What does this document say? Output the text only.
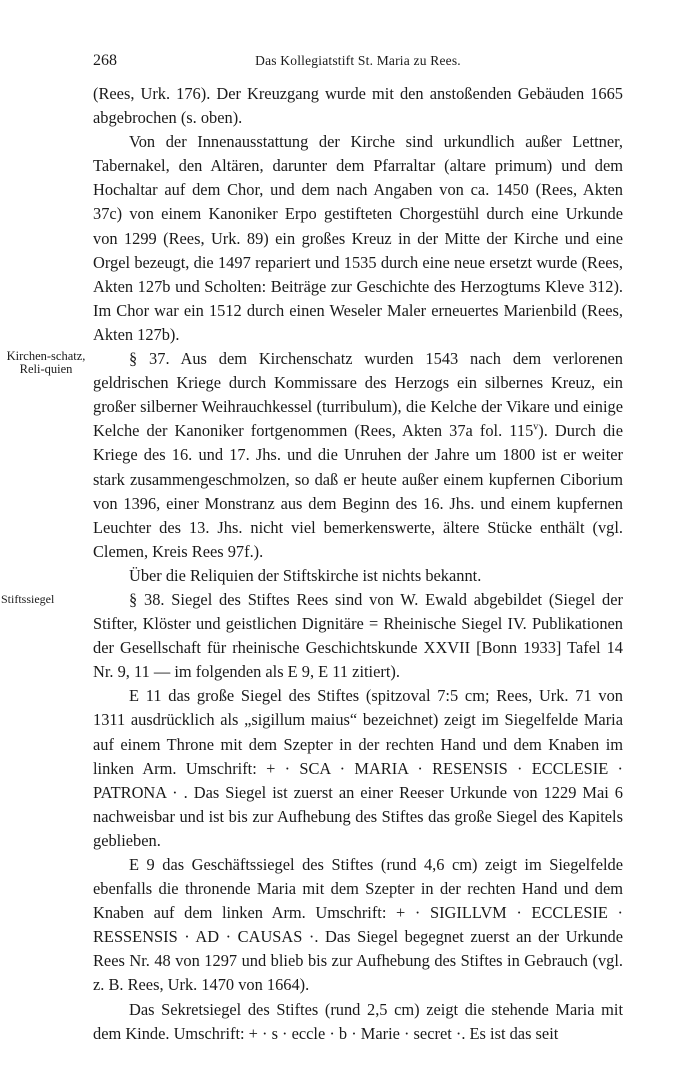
268	Das Kollegiatstift St. Maria zu Rees.

(Rees, Urk. 176). Der Kreuzgang wurde mit den anstoßenden Gebäuden 1665 abgebrochen (s. oben).

Von der Innenausstattung der Kirche sind urkundlich außer Lettner, Tabernakel, den Altären, darunter dem Pfarraltar (altare primum) und dem Hochaltar auf dem Chor, und dem nach Angaben von ca. 1450 (Rees, Akten 37c) von einem Kanoniker Erpo gestifteten Chorgestühl durch eine Urkunde von 1299 (Rees, Urk. 89) ein großes Kreuz in der Mitte der Kirche und eine Orgel bezeugt, die 1497 repariert und 1535 durch eine neue ersetzt wurde (Rees, Akten 127b und Scholten: Beiträge zur Geschichte des Herzogtums Kleve 312). Im Chor war ein 1512 durch einen Weseler Maler erneuertes Marienbild (Rees, Akten 127b).

Kirchen-schatz, Reli-quien

§ 37. Aus dem Kirchenschatz wurden 1543 nach dem verlorenen geldrischen Kriege durch Kommissare des Herzogs ein silbernes Kreuz, ein großer silberner Weihrauchkessel (turribulum), die Kelche der Vikare und einige Kelche der Kanoniker fortgenommen (Rees, Akten 37a fol. 115$^v$). Durch die Kriege des 16. und 17. Jhs. und die Unruhen der Jahre um 1800 ist er weiter stark zusammengeschmolzen, so daß er heute außer einem kupfernen Ciborium von 1396, einer Monstranz aus dem Beginn des 16. Jhs. und einem kupfernen Leuchter des 13. Jhs. nicht viel bemerkenswerte, ältere Stücke enthält (vgl. Clemen, Kreis Rees 97f.).

Über die Reliquien der Stiftskirche ist nichts bekannt.

Stiftssiegel	§ 38. Siegel des Stiftes Rees sind von W. Ewald abgebildet (Siegel der Stifter, Klöster und geistlichen Dignitäre = Rheinische Siegel IV. Publikationen der Gesellschaft für rheinische Geschichtskunde XXVII [Bonn 1933] Tafel 14 Nr. 9, 11 — im folgenden als E 9, E 11 zitiert).

E 11 das große Siegel des Stiftes (spitzoval 7:5 cm; Rees, Urk. 71 von 1311 ausdrücklich als „sigillum maius“ bezeichnet) zeigt im Siegelfelde Maria auf einem Throne mit dem Szepter in der rechten Hand und dem Knaben im linken Arm. Umschrift: + · SCA · MARIA · RESENSIS · ECCLESIE · PATRONA · . Das Siegel ist zuerst an einer Reeser Urkunde von 1229 Mai 6 nachweisbar und ist bis zur Aufhebung des Stiftes das große Siegel des Kapitels geblieben.

E 9 das Geschäftssiegel des Stiftes (rund 4,6 cm) zeigt im Siegelfelde ebenfalls die thronende Maria mit dem Szepter in der rechten Hand und dem Knaben auf dem linken Arm. Umschrift: + · SIGILLVM · ECCLESIE · RESSENSIS · AD · CAUSAS ·. Das Siegel begegnet zuerst an der Urkunde Rees Nr. 48 von 1297 und blieb bis zur Aufhebung des Stiftes in Gebrauch (vgl. z. B. Rees, Urk. 1470 von 1664).

Das Sekretsiegel des Stiftes (rund 2,5 cm) zeigt die stehende Maria mit dem Kinde. Umschrift: + · s · eccle · b · Marie · secret ·. Es ist das seit
